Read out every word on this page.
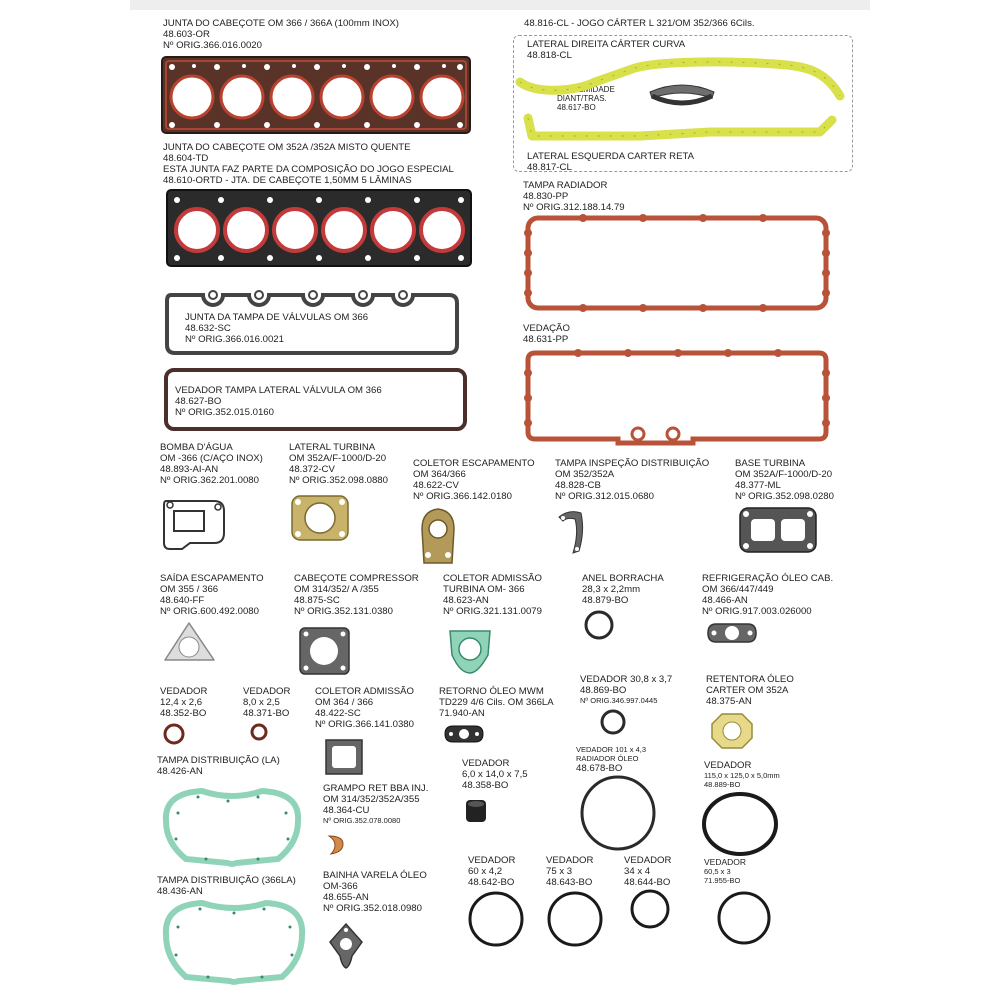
JUNTA DO CABEÇOTE OM 366 / 366A (100mm INOX)
48.603-OR
Nº ORIG.366.016.0020
JUNTA DO CABEÇOTE OM 352A /352A MISTO QUENTE
48.604-TD
ESTA JUNTA FAZ PARTE DA COMPOSIÇÃO DO JOGO ESPECIAL
48.610-ORTD - JTA. DE CABEÇOTE 1,50MM 5 LÂMINAS
JUNTA DA TAMPA DE VÁLVULAS OM 366
48.632-SC
Nº ORIG.366.016.0021
VEDADOR TAMPA LATERAL VÁLVULA OM 366
48.627-BO
Nº ORIG.352.015.0160
48.816-CL - JOGO CÁRTER L 321/OM 352/366 6Cils.
LATERAL DIREITA CÁRTER CURVA
48.818-CL
EXTREMIDADE
DIANT/TRAS.
48.617-BO
LATERAL ESQUERDA CARTER RETA
48.817-CL
TAMPA RADIADOR
48.830-PP
Nº ORIG.312.188.14.79
VEDAÇÃO
48.631-PP
BOMBA D'ÁGUA
OM -366 (C/AÇO INOX)
48.893-AI-AN
Nº ORIG.362.201.0080
LATERAL TURBINA
OM 352A/F-1000/D-20
48.372-CV
Nº ORIG.352.098.0880
COLETOR ESCAPAMENTO
OM 364/366
48.622-CV
Nº ORIG.366.142.0180
TAMPA INSPEÇÃO DISTRIBUIÇÃO
OM 352/352A
48.828-CB
Nº ORIG.312.015.0680
BASE TURBINA
OM 352A/F-1000/D-20
48.377-ML
Nº ORIG.352.098.0280
SAÍDA ESCAPAMENTO
OM 355 / 366
48.640-FF
Nº ORIG.600.492.0080
CABEÇOTE COMPRESSOR
OM 314/352/ A /355
48.875-SC
Nº ORIG.352.131.0380
COLETOR ADMISSÃO
TURBINA OM- 366
48.623-AN
Nº ORIG.321.131.0079
ANEL BORRACHA
28,3 x 2,2mm
48.879-BO
REFRIGERAÇÃO ÓLEO CAB.
OM 366/447/449
48.466-AN
Nº ORIG.917.003.026000
VEDADOR
12,4 x 2,6
48.352-BO
VEDADOR
8,0 x 2,5
48.371-BO
COLETOR ADMISSÃO
OM 364 / 366
48.422-SC
Nº ORIG.366.141.0380
RETORNO ÓLEO MWM
TD229 4/6 Cils. OM 366LA
71.940-AN
VEDADOR 30,8 x 3,7
48.869-BO
Nº ORIG.346.997.0445
RETENTORA ÓLEO
CARTER OM 352A
48.375-AN
TAMPA DISTRIBUIÇÃO (LA)
48.426-AN
VEDADOR
6,0 x 14,0 x 7,5
48.358-BO
GRAMPO RET BBA INJ.
OM 314/352/352A/355
48.364-CU
Nº ORIG.352.078.0080
VEDADOR 101 x 4,3
RADIADOR ÓLEO
48.678-BO	VEDADOR
115,0 x 125,0 x 5,0mm
48.889-BO
TAMPA DISTRIBUIÇÃO (366LA)
48.436-AN
BAINHA VARELA ÓLEO
OM-366
48.655-AN
Nº ORIG.352.018.0980
VEDADOR
60 x 4,2
48.642-BO
VEDADOR
75 x 3
48.643-BO
VEDADOR
34 x 4
48.644-BO
VEDADOR
60,5 x 3
71.955-BO
